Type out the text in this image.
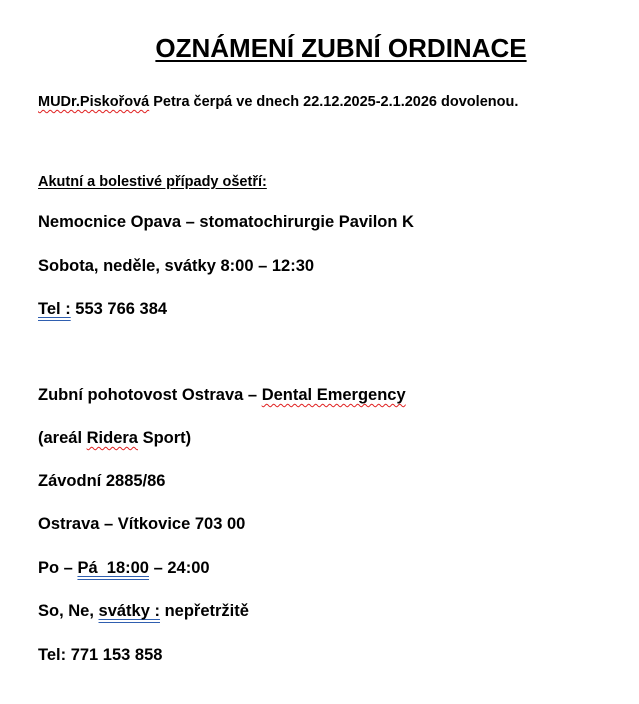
OZNÁMENÍ ZUBNÍ ORDINACE
MUDr.Piskořová Petra čerpá ve dnech 22.12.2025-2.1.2026 dovolenou.
Akutní a bolestivé případy ošetří:
Nemocnice Opava – stomatochirurgie Pavilon K
Sobota, neděle, svátky 8:00 – 12:30
Tel : 553 766 384
Zubní pohotovost Ostrava – Dental Emergency
(areál Ridera Sport)
Závodní 2885/86
Ostrava – Vítkovice 703 00
Po – Pá  18:00 – 24:00
So, Ne, svátky : nepřetržitě
Tel: 771 153 858
